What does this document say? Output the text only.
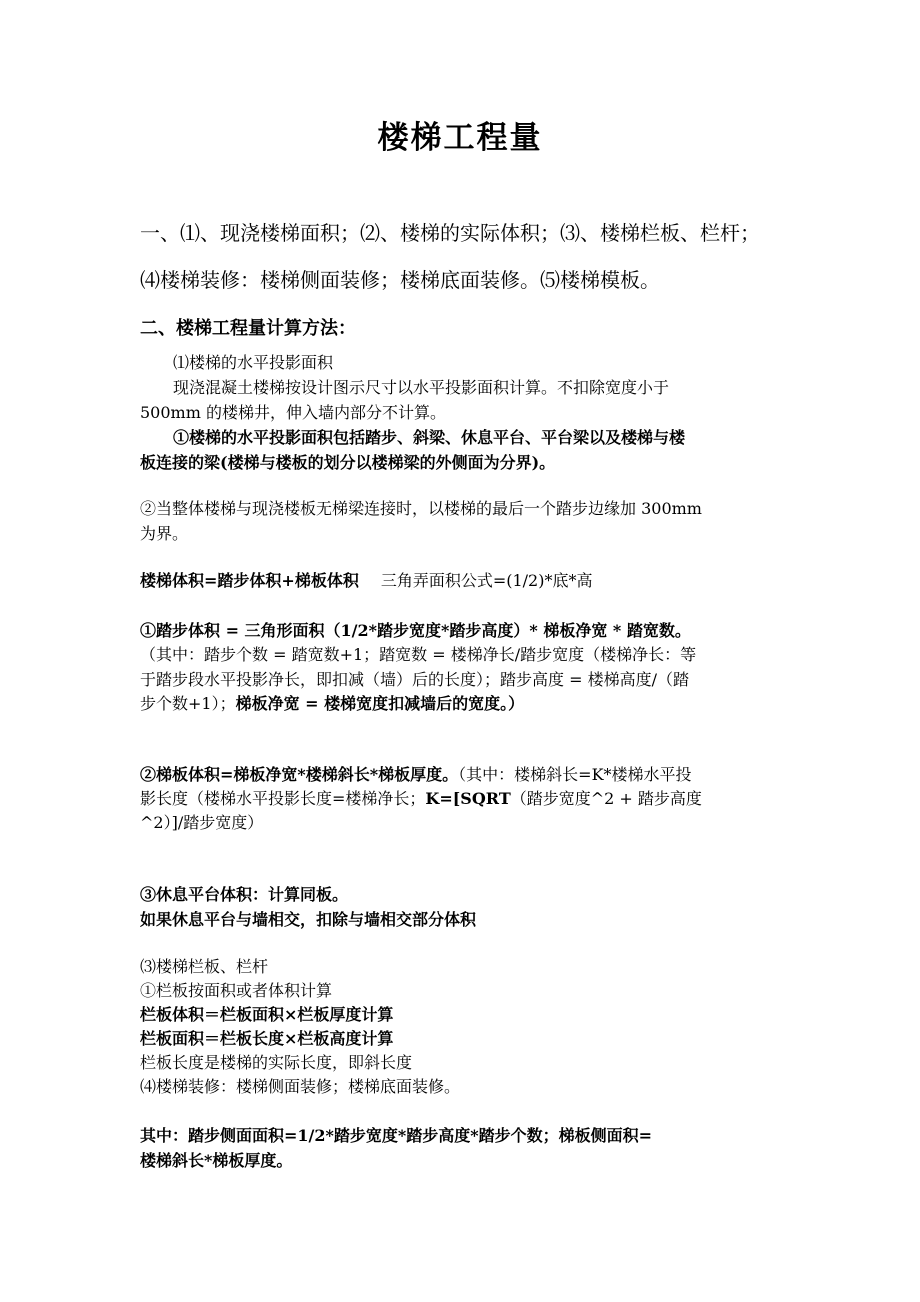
楼梯工程量
一、⑴、现浇楼梯面积；⑵、楼梯的实际体积；⑶、楼梯栏板、栏杆；
⑷楼梯装修：楼梯侧面装修；楼梯底面装修。⑸楼梯模板。
二、楼梯工程量计算方法：
⑴楼梯的水平投影面积
现浇混凝土楼梯按设计图示尺寸以水平投影面积计算。不扣除宽度小于
500mm 的楼梯井，伸入墙内部分不计算。
①楼梯的水平投影面积包括踏步、斜梁、休息平台、平台梁以及楼梯与楼
板连接的梁(楼梯与楼板的划分以楼梯梁的外侧面为分界)。
②当整体楼梯与现浇楼板无梯梁连接时，以楼梯的最后一个踏步边缘加 300mm
为界。
楼梯体积=踏步体积+梯板体积 三角弄面积公式=(1/2)*底*高
①踏步体积 = 三角形面积（1/2*踏步宽度*踏步高度）* 梯板净宽 * 踏宽数。
（其中：踏步个数 = 踏宽数+1；踏宽数 = 楼梯净长/踏步宽度（楼梯净长：等
于踏步段水平投影净长，即扣减（墙）后的长度）；踏步高度 = 楼梯高度/（踏
步个数+1）；梯板净宽 = 楼梯宽度扣减墙后的宽度。）
②梯板体积=梯板净宽*楼梯斜长*梯板厚度。（其中：楼梯斜长=K*楼梯水平投
影长度（楼梯水平投影长度=楼梯净长；K=[SQRT（踏步宽度^2 + 踏步高度
^2）]/踏步宽度）
③休息平台体积：计算同板。
如果休息平台与墙相交，扣除与墙相交部分体积
⑶楼梯栏板、栏杆
①栏板按面积或者体积计算
栏板体积＝栏板面积×栏板厚度计算
栏板面积＝栏板长度×栏板高度计算
栏板长度是楼梯的实际长度，即斜长度
⑷楼梯装修：楼梯侧面装修；楼梯底面装修。
其中：踏步侧面面积=1/2*踏步宽度*踏步高度*踏步个数；梯板侧面积=
楼梯斜长*梯板厚度。
